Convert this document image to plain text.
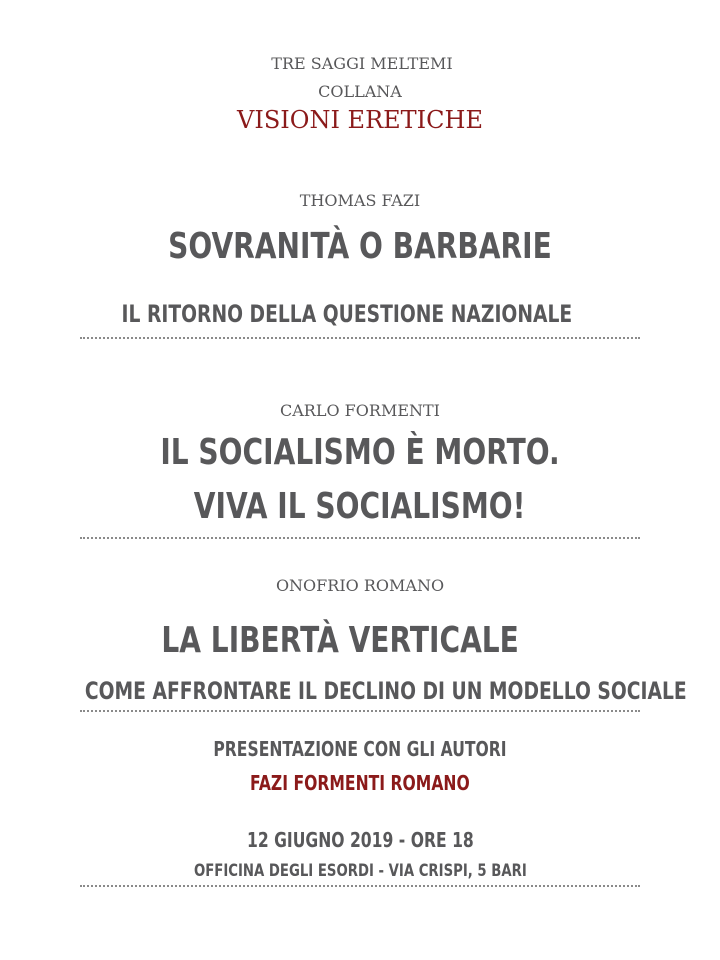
TRE SAGGI MELTEMI
COLLANA
VISIONI ERETICHE
THOMAS FAZI
SOVRANITÀ O BARBARIE
IL RITORNO DELLA QUESTIONE NAZIONALE
CARLO FORMENTI
IL SOCIALISMO È MORTO.
VIVA IL SOCIALISMO!
ONOFRIO ROMANO
LA LIBERTÀ VERTICALE
COME AFFRONTARE IL DECLINO DI UN MODELLO SOCIALE
PRESENTAZIONE CON GLI AUTORI
FAZI FORMENTI ROMANO
12 GIUGNO 2019 - ORE 18
OFFICINA DEGLI ESORDI - VIA CRISPI, 5 BARI
